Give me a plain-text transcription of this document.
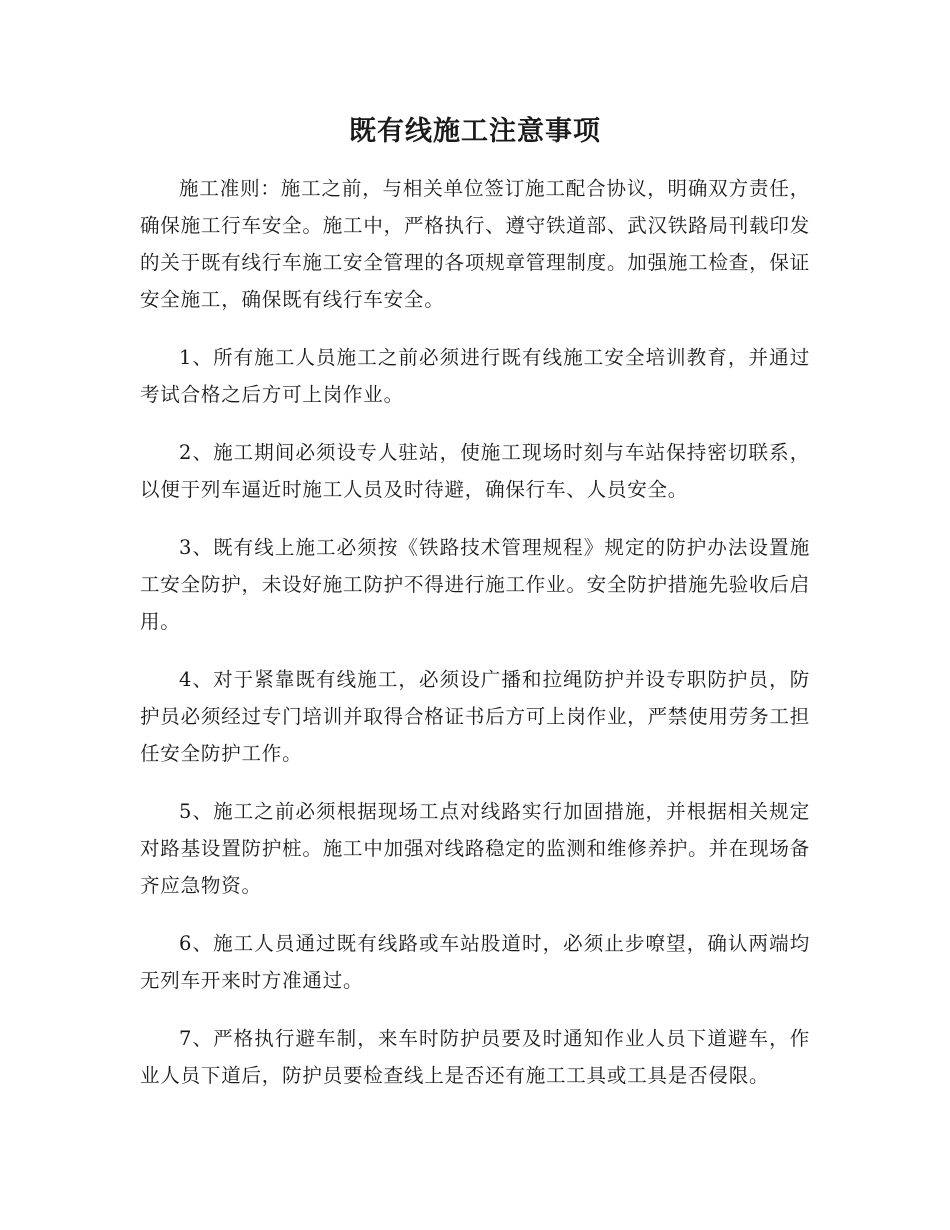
既有线施工注意事项

施工准则：施工之前，与相关单位签订施工配合协议，明确双方责任，确保施工行车安全。施工中，严格执行、遵守铁道部、武汉铁路局刊载印发的关于既有线行车施工安全管理的各项规章管理制度。加强施工检查，保证安全施工，确保既有线行车安全。

1、所有施工人员施工之前必须进行既有线施工安全培训教育，并通过考试合格之后方可上岗作业。

2、施工期间必须设专人驻站，使施工现场时刻与车站保持密切联系，以便于列车逼近时施工人员及时待避，确保行车、人员安全。

3、既有线上施工必须按《铁路技术管理规程》规定的防护办法设置施工安全防护，未设好施工防护不得进行施工作业。安全防护措施先验收后启用。

4、对于紧靠既有线施工，必须设广播和拉绳防护并设专职防护员，防护员必须经过专门培训并取得合格证书后方可上岗作业，严禁使用劳务工担任安全防护工作。

5、施工之前必须根据现场工点对线路实行加固措施，并根据相关规定对路基设置防护桩。施工中加强对线路稳定的监测和维修养护。并在现场备齐应急物资。

6、施工人员通过既有线路或车站股道时，必须止步嘹望，确认两端均无列车开来时方准通过。

7、严格执行避车制，来车时防护员要及时通知作业人员下道避车，作业人员下道后，防护员要检查线上是否还有施工工具或工具是否侵限。
